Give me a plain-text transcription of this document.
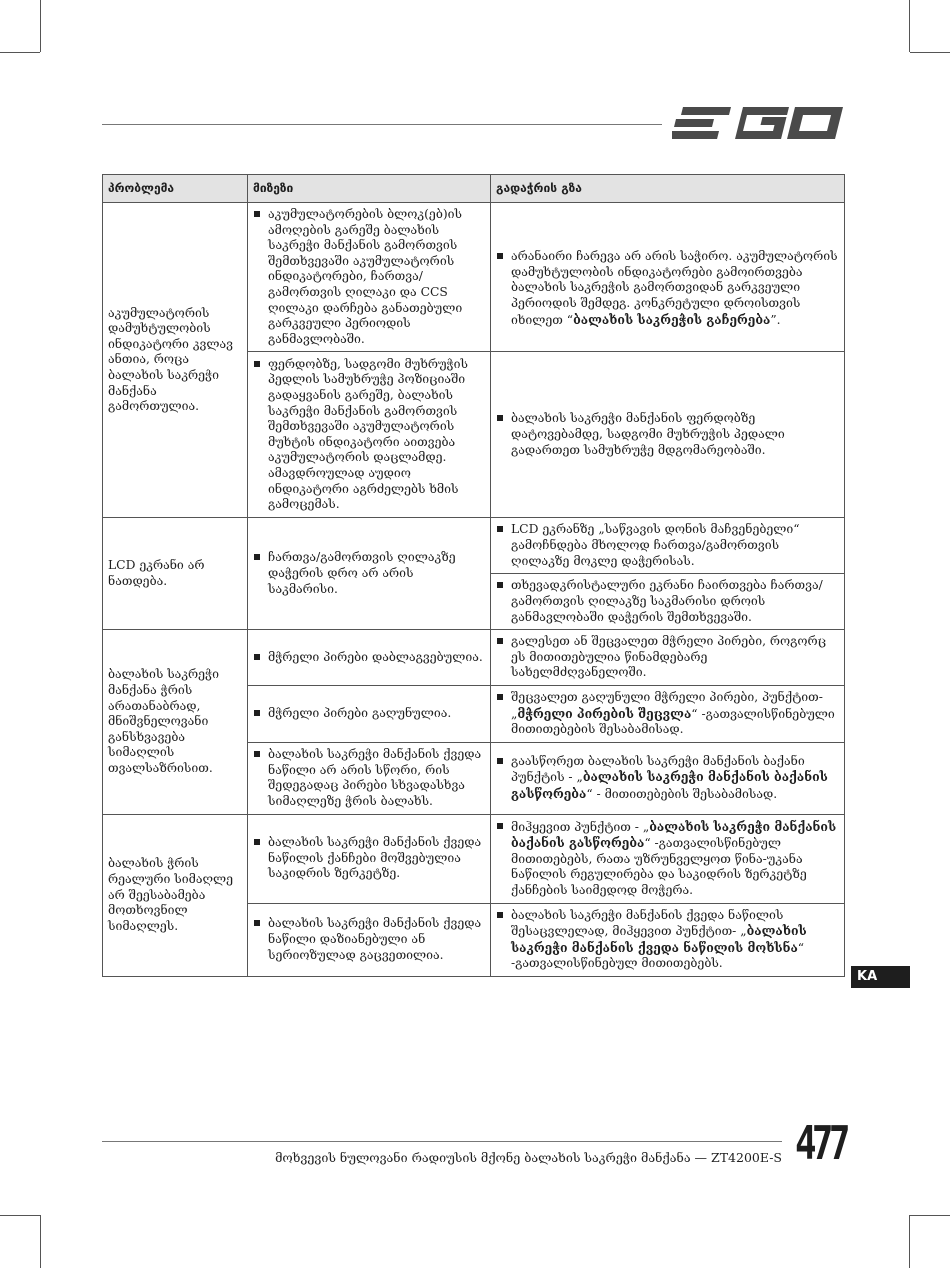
პრობლემა	მიზეზი	გადაჭრის გზა
აკუმულატორის დამუხტულობის ინდიკატორი კვლავ ანთია, როცა ბალახის საკრეჭი მანქანა გამორთულია.	აკუმულატორების ბლოკ(ებ)ის ამოღების გარეშე ბალახის საკრეჭი მანქანის გამორთვის შემთხვევაში აკუმულატორის ინდიკატორები, ჩართვა/გამორთვის ღილაკი და CCS ღილაკი დარჩება განათებული გარკვეული პერიოდის განმავლობაში.	არანაირი ჩარევა არ არის საჭირო. აკუმულატორის დამუხტულობის ინდიკატორები გამოირთვება ბალახის საკრეჭის გამორთვიდან გარკვეული პერიოდის შემდეგ. კონკრეტული დროისთვის იხილეთ “ბალახის საკრეჭის გაჩერება”.

	ფერდობზე, სადგომი მუხრუჭის პედლის სამუხრუჭე პოზიციაში გადაყვანის გარეშე, ბალახის საკრეჭი მანქანის გამორთვის შემთხვევაში აკუმულატორის მუხტის ინდიკატორი აითვება აკუმულატორის დაცლამდე. ამავდროულად აუდიო ინდიკატორი აგრძელებს ხმის გამოცემას.	ბალახის საკრეჭი მანქანის ფერდობზე დატოვებამდე, სადგომი მუხრუჭის პედალი გადართეთ სამუხრუჭე მდგომარეობაში.

LCD ეკრანი არ ნათდება.	ჩართვა/გამორთვის ღილაკზე დაჭერის დრო არ არის საკმარისი.	LCD ეკრანზე „საწვავის დონის მაჩვენებელი“ გამოჩნდება მხოლოდ ჩართვა/გამორთვის ღილაკზე მოკლე დაჭერისას.

		თხევადკრისტალური ეკრანი ჩაირთვება ჩართვა/გამორთვის ღილაკზე საკმარისი დროის განმავლობაში დაჭერის შემთხვევაში.

ბალახის საკრეჭი მანქანა ჭრის არათანაბრად, მნიშვნელოვანი განსხვავება სიმაღლის თვალსაზრისით.	მჭრელი პირები დაბლაგვებულია.	გალესეთ ან შეცვალეთ მჭრელი პირები, როგორც ეს მითითებულია წინამდებარე სახელმძღვანელოში.

	მჭრელი პირები გაღუნულია.	შეცვალეთ გაღუნული მჭრელი პირები, პუნქტით- „მჭრელი პირების შეცვლა“ -გათვალისწინებული მითითებების შესაბამისად.

	ბალახის საკრეჭი მანქანის ქვედა ნაწილი არ არის სწორი, რის შედეგადაც პირები სხვადასხვა სიმაღლეზე ჭრის ბალახს.	გაასწორეთ ბალახის საკრეჭი მანქანის ბაქანი პუნქტის - „ბალახის საკრეჭი მანქანის ბაქანის გასწორება“ - მითითებების შესაბამისად.

ბალახის ჭრის რეალური სიმაღლე არ შეესაბამება მოთხოვნილ სიმაღლეს.	ბალახის საკრეჭი მანქანის ქვედა ნაწილის ქანჩები მოშვებულია საკიდრის ზერკეტზე.	მიჰყევით პუნქტით - „ბალახის საკრეჭი მანქანის ბაქანის გასწორება“ -გათვალისწინებულ მითითებებს, რათა უზრუნველყოთ წინა-უკანა ნაწილის რეგულირება და საკიდრის ზერკეტზე ქანჩების საიმედოდ მოჭერა.

	ბალახის საკრეჭი მანქანის ქვედა ნაწილი დაზიანებული ან სერიოზულად გაცვეთილია.	ბალახის საკრეჭი მანქანის ქვედა ნაწილის შესაცვლელად, მიჰყევით პუნქტით- „ბალახის საკრეჭი მანქანის ქვედა ნაწილის მოხსნა“ -გათვალისწინებულ მითითებებს.
KA
მოხვევის ნულოვანი რადიუსის მქონე ბალახის საკრეჭი მანქანა — ZT4200E-S 477
